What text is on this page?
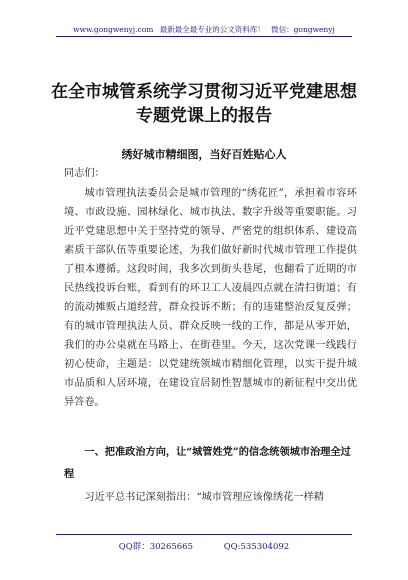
www.gongwenyj.com 最新最全最专业的公文资料库！ 微信：gongwenyj
在全市城管系统学习贯彻习近平党建思想
专题党课上的报告
绣好城市精细图，当好百姓贴心人
同志们：
城市管理执法委员会是城市管理的“绣花匠”，承担着市容环境、市政设施、园林绿化、城市执法、数字升级等重要职能。习近平党建思想中关于坚持党的领导、严密党的组织体系、建设高素质干部队伍等重要论述，为我们做好新时代城市管理工作提供了根本遵循。这段时间，我多次到街头巷尾，也翻看了近期的市民热线投诉台账，看到有的环卫工人凌晨四点就在清扫街道；有的流动摊贩占道经营，群众投诉不断；有的违建整治反复反弹；有的城市管理执法人员、群众反映一线的工作，都是从零开始，我们的办公桌就在马路上、在街巷里。今天，这次党课一线践行初心使命，主题是：以党建统领城市精细化管理，以实干提升城市品质和人居环境，在建设宜居韧性智慧城市的新征程中交出优异答卷。
一、把准政治方向，让“城管姓党”的信念统领城市治理全过程
习近平总书记深刻指出：“城市管理应该像绣花一样精
QQ群：30265665	QQ:535304092
